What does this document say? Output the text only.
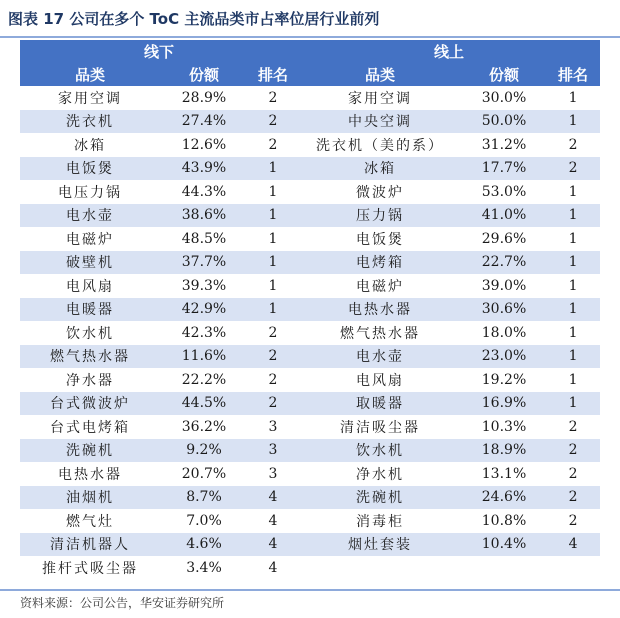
图表 17 公司在多个 ToC 主流品类市占率位居行业前列
线下			线上		
品类	份额	排名	品类	份额	排名
家用空调	28.9%	2	家用空调	30.0%	1
洗衣机	27.4%	2	中央空调	50.0%	1
冰箱	12.6%	2	洗衣机（美的系）	31.2%	2
电饭煲	43.9%	1	冰箱	17.7%	2
电压力锅	44.3%	1	微波炉	53.0%	1
电水壶	38.6%	1	压力锅	41.0%	1
电磁炉	48.5%	1	电饭煲	29.6%	1
破壁机	37.7%	1	电烤箱	22.7%	1
电风扇	39.3%	1	电磁炉	39.0%	1
电暖器	42.9%	1	电热水器	30.6%	1
饮水机	42.3%	2	燃气热水器	18.0%	1
燃气热水器	11.6%	2	电水壶	23.0%	1
净水器	22.2%	2	电风扇	19.2%	1
台式微波炉	44.5%	2	取暖器	16.9%	1
台式电烤箱	36.2%	3	清洁吸尘器	10.3%	2
洗碗机	9.2%	3	饮水机	18.9%	2
电热水器	20.7%	3	净水机	13.1%	2
油烟机	8.7%	4	洗碗机	24.6%	2
燃气灶	7.0%	4	消毒柜	10.8%	2
清洁机器人	4.6%	4	烟灶套装	10.4%	4
推杆式吸尘器	3.4%	4			
资料来源：公司公告，华安证券研究所
